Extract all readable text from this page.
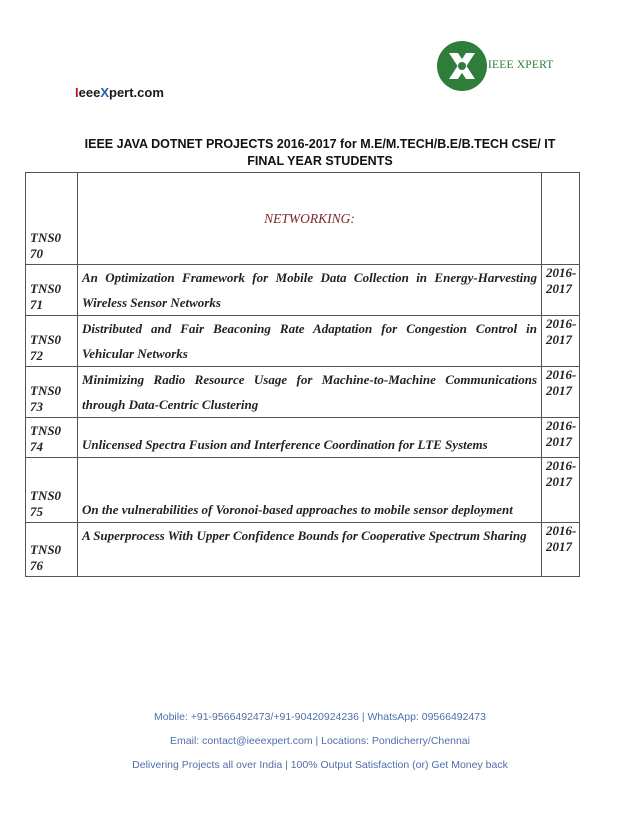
IeeeXpert.com
IEEE XPERT
IEEE JAVA DOTNET PROJECTS 2016-2017 for M.E/M.TECH/B.E/B.TECH CSE/ IT
FINAL YEAR STUDENTS
TNS0 70	NETWORKING:	

TNS0 71	An Optimization Framework for Mobile Data Collection in Energy-Harvesting Wireless Sensor Networks	2016-2017
TNS0 72	Distributed and Fair Beaconing Rate Adaptation for Congestion Control in Vehicular Networks	2016-2017
TNS0 73	Minimizing Radio Resource Usage for Machine-to-Machine Communications through Data-Centric Clustering	2016-2017
TNS0 74	Unlicensed Spectra Fusion and Interference Coordination for LTE Systems	2016-2017
TNS0 75	On the vulnerabilities of Voronoi-based approaches to mobile sensor deployment	2016-2017
TNS0 76	A Superprocess With Upper Confidence Bounds for Cooperative Spectrum Sharing	2016-2017
Mobile: +91-9566492473/+91-90420924236 | WhatsApp: 09566492473
Email: contact@ieeexpert.com | Locations: Pondicherry/Chennai
Delivering Projects all over India | 100% Output Satisfaction (or) Get Money back
